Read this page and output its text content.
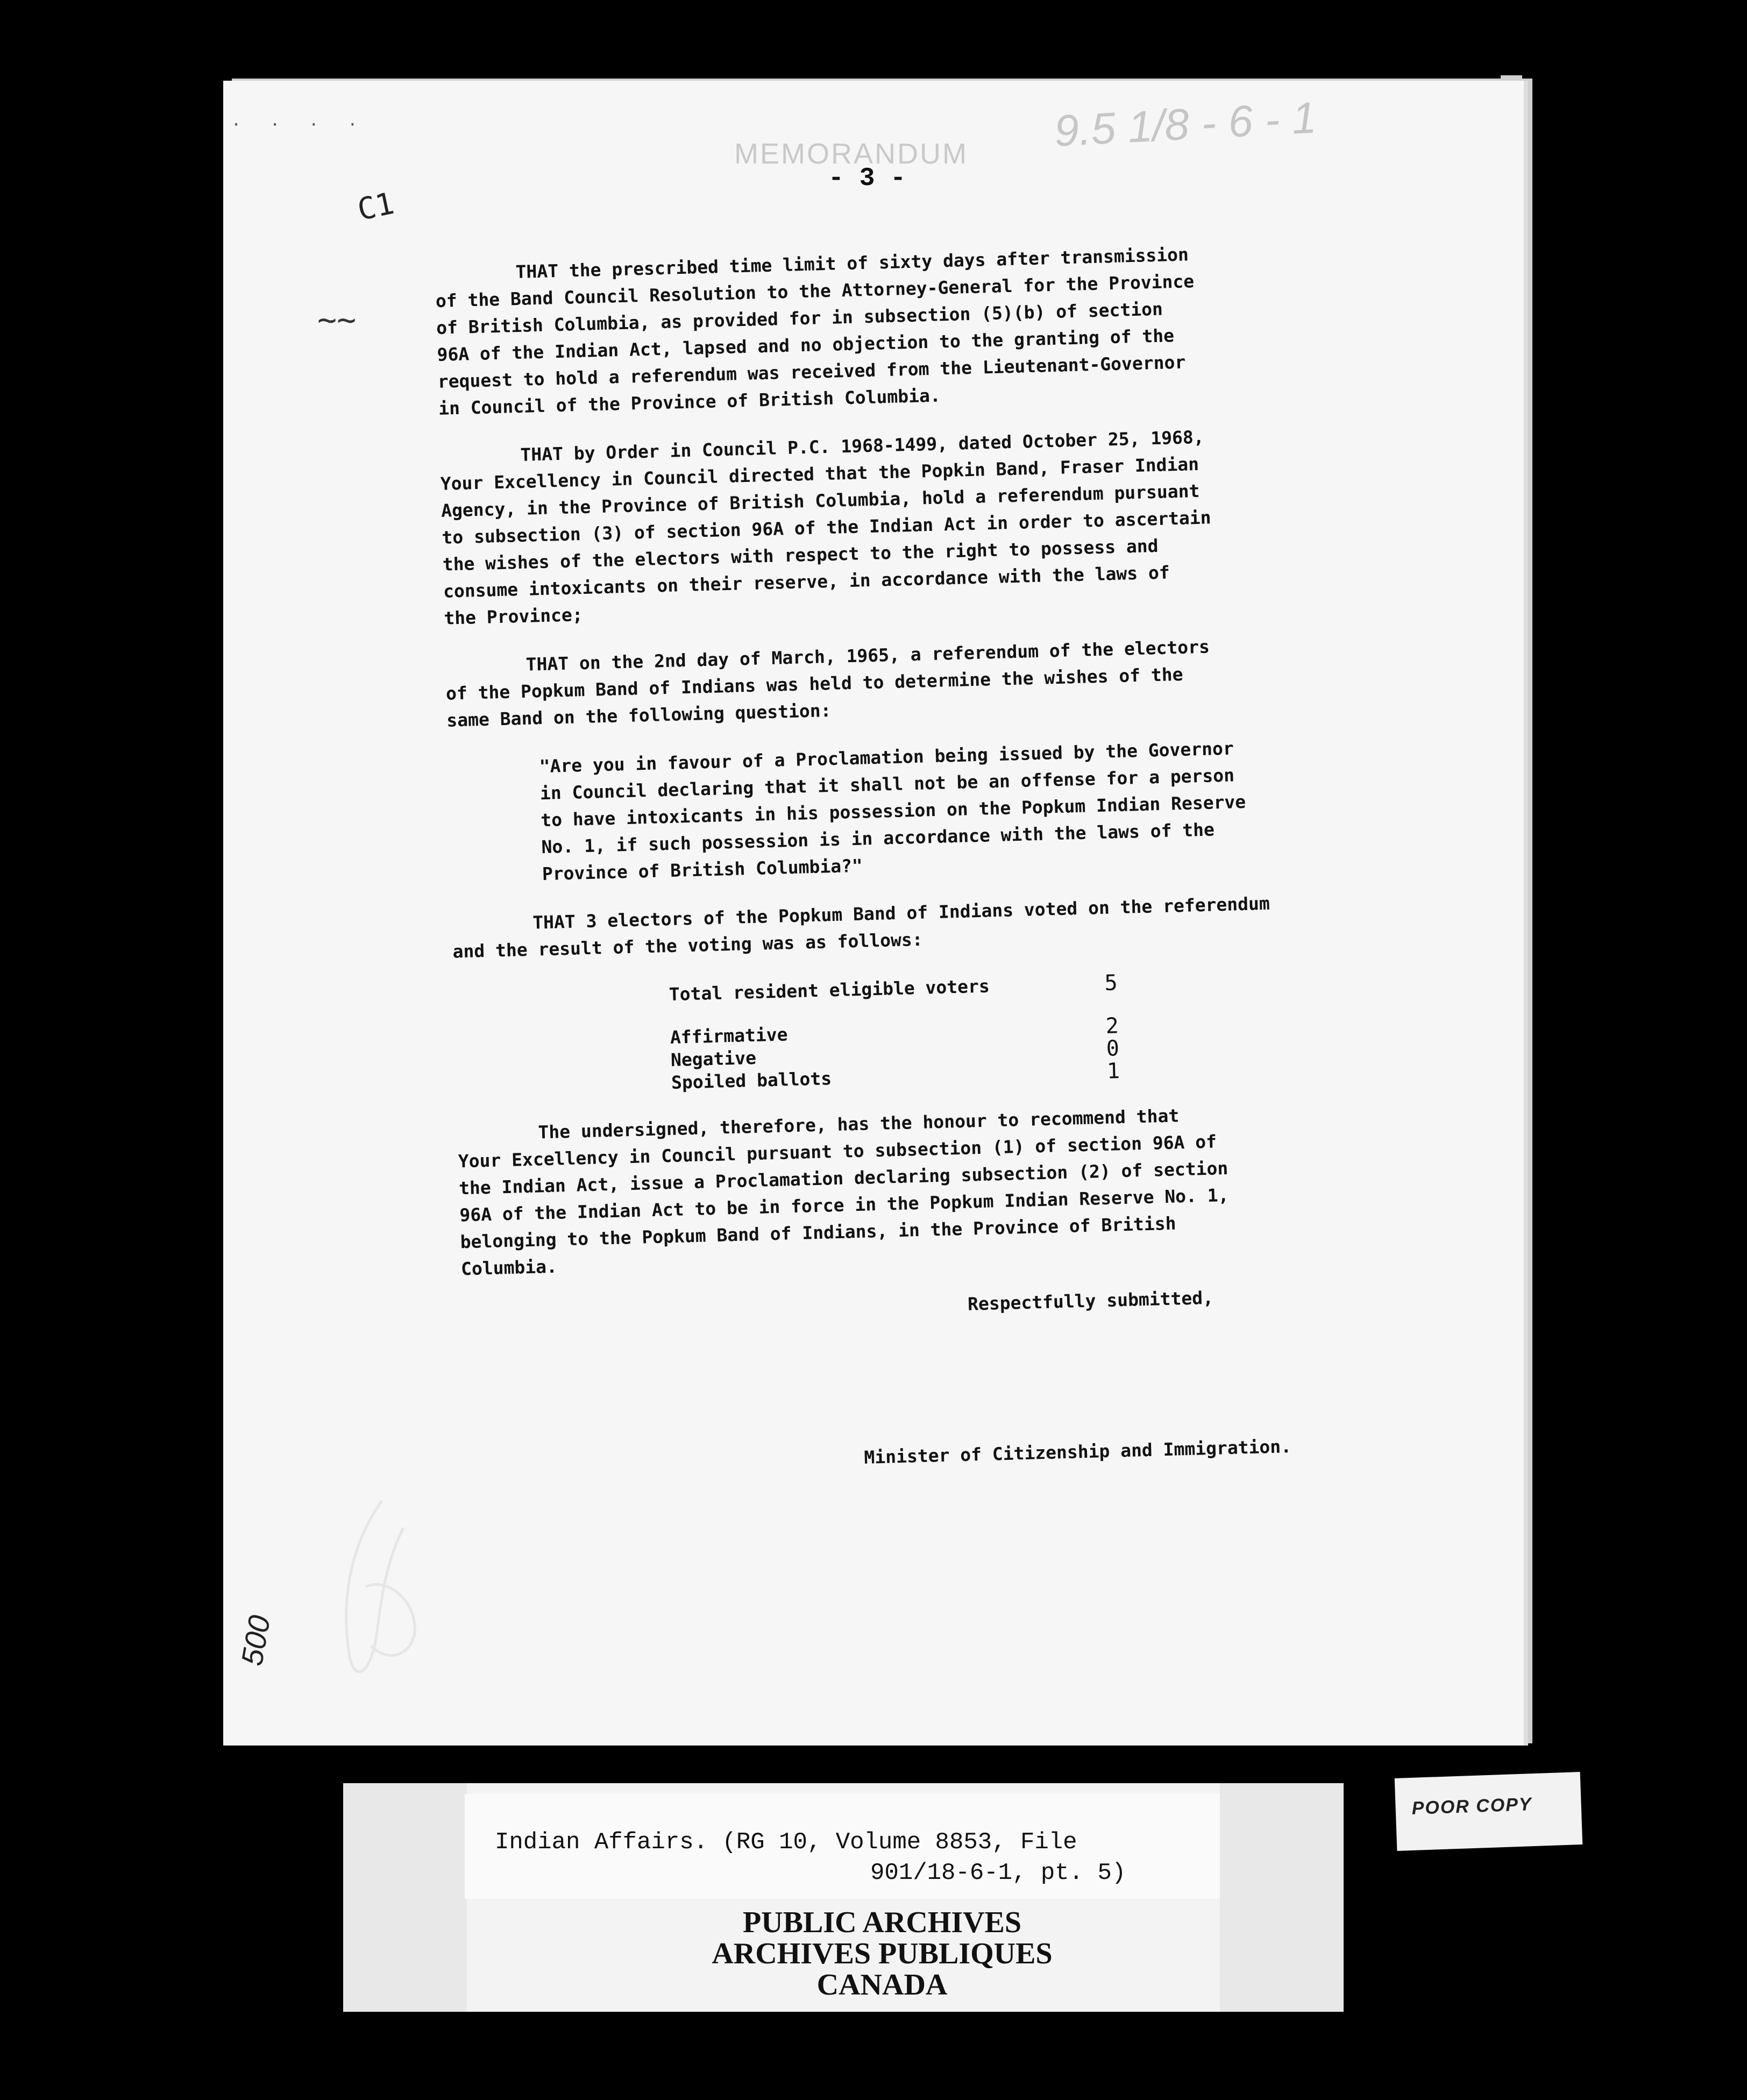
· · · ·
MEMORANDUM
- 3 -
9.5 1/8 - 6 - 1
C1
~~

THAT the prescribed time limit of sixty days after transmission
of the Band Council Resolution to the Attorney-General for the Province
of British Columbia, as provided for in subsection (5)(b) of section
96A of the Indian Act, lapsed and no objection to the granting of the
request to hold a referendum was received from the Lieutenant-Governor
in Council of the Province of British Columbia.

THAT by Order in Council P.C. 1968-1499, dated October 25, 1968,
Your Excellency in Council directed that the Popkin Band, Fraser Indian
Agency, in the Province of British Columbia, hold a referendum pursuant
to subsection (3) of section 96A of the Indian Act in order to ascertain
the wishes of the electors with respect to the right to possess and
consume intoxicants on their reserve, in accordance with the laws of
the Province;

THAT on the 2nd day of March, 1965, a referendum of the electors
of the Popkum Band of Indians was held to determine the wishes of the
same Band on the following question:

"Are you in favour of a Proclamation being issued by the Governor
in Council declaring that it shall not be an offense for a person
to have intoxicants in his possession on the Popkum Indian Reserve
No. 1, if such possession is in accordance with the laws of the
Province of British Columbia?"

THAT 3 electors of the Popkum Band of Indians voted on the referendum
and the result of the voting was as follows:

Total resident eligible voters	5

Affirmative	2
Negative	0
Spoiled ballots	1

The undersigned, therefore, has the honour to recommend that
Your Excellency in Council pursuant to subsection (1) of section 96A of
the Indian Act, issue a Proclamation declaring subsection (2) of section
96A of the Indian Act to be in force in the Popkum Indian Reserve No. 1,
belonging to the Popkum Band of Indians, in the Province of British
Columbia.

Respectfully submitted,
Minister of Citizenship and Immigration.
500
Indian Affairs. (RG 10, Volume 8853, File
901/18-6-1, pt. 5)
PUBLIC ARCHIVES
ARCHIVES PUBLIQUES
CANADA
POOR COPY
